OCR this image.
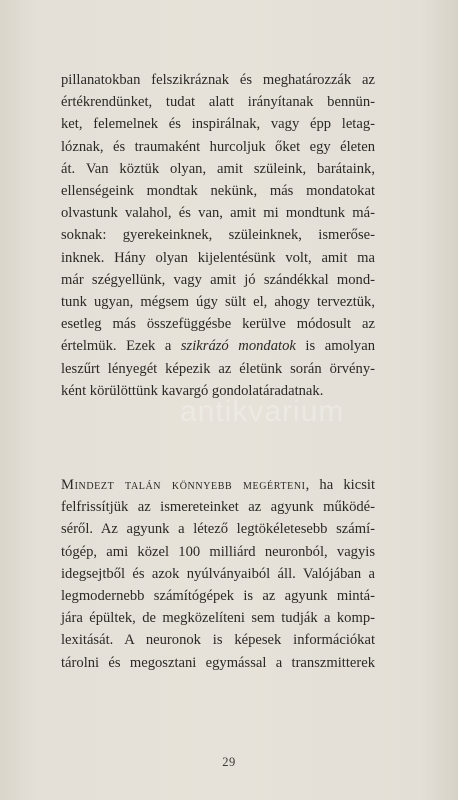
pillanatokban felszikráznak és meghatározzák az
értékrendünket, tudat alatt irányítanak bennün-
ket, felemelnek és inspirálnak, vagy épp letag-
lóznak, és traumaként hurcoljuk őket egy életen
át. Van köztük olyan, amit szüleink, barátaink,
ellenségeink mondtak nekünk, más mondatokat
olvastunk valahol, és van, amit mi mondtunk má-
soknak: gyerekeinknek, szüleinknek, ismerőse-
inknek. Hány olyan kijelentésünk volt, amit ma
már szégyellünk, vagy amit jó szándékkal mond-
tunk ugyan, mégsem úgy sült el, ahogy terveztük,
esetleg más összefüggésbe kerülve módosult az
értelmük. Ezek a szikrázó mondatok is amolyan
leszűrt lényegét képezik az életünk során örvény-
ként körülöttünk kavargó gondolatáradatnak.
Mindezt talán könnyebb megérteni, ha kicsit
felfrissítjük az ismereteinket az agyunk működé-
séről. Az agyunk a létező legtökéletesebb számí-
tógép, ami közel 100 milliárd neuronból, vagyis
idegsejtből és azok nyúlványaiból áll. Valójában a
legmodernebb számítógépek is az agyunk mintá-
jára épültek, de megközelíteni sem tudják a komp-
lexitását. A neuronok is képesek információkat
tárolni és megosztani egymással a transzmitterek
antikvarium
29
